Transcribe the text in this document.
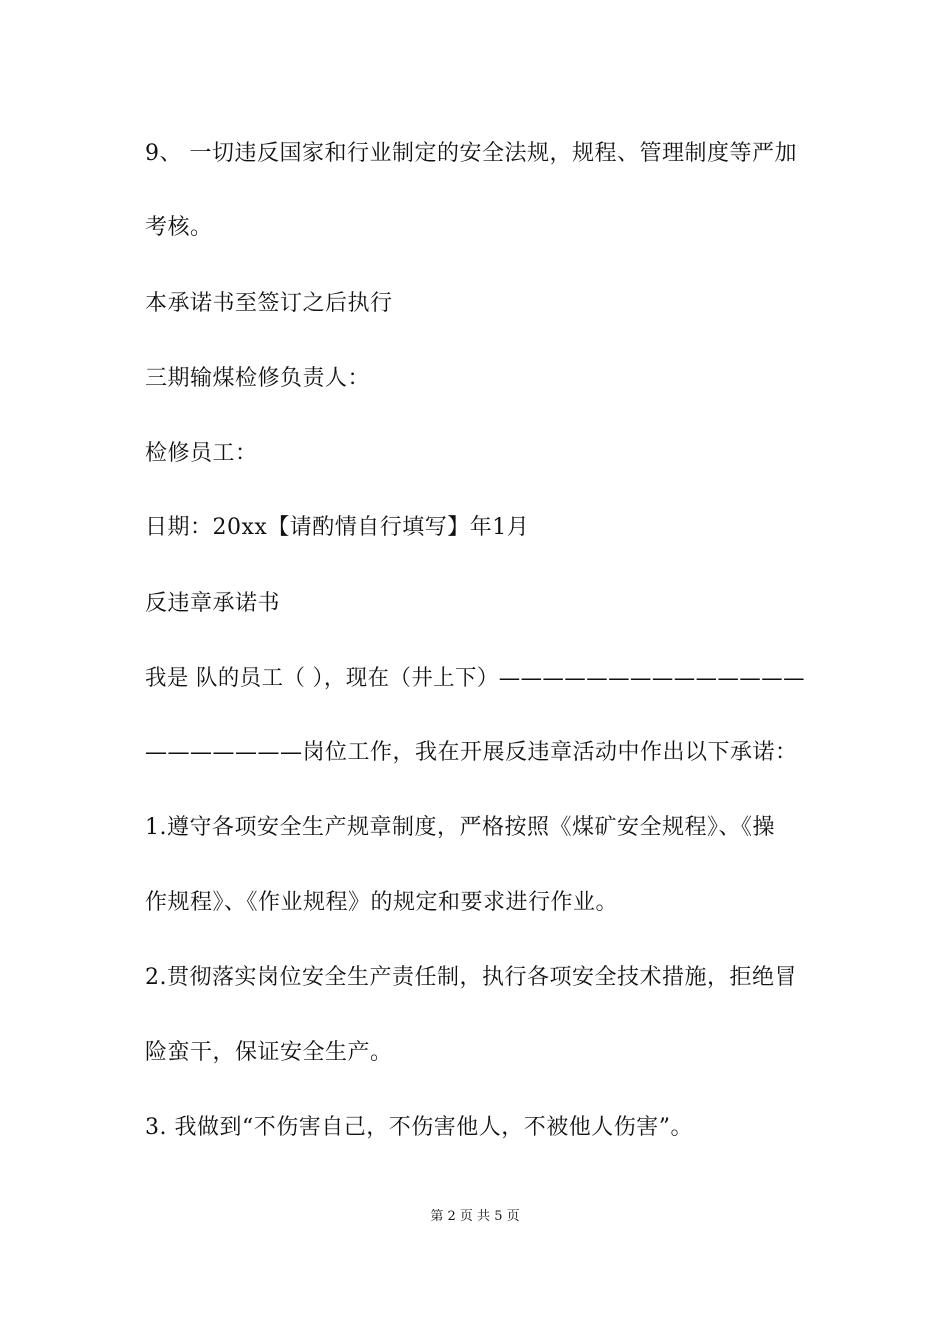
9、 一切违反国家和行业制定的安全法规，规程、管理制度等严加
考核。
本承诺书至签订之后执行
三期输煤检修负责人：
检修员工：
日期：20xx【请酌情自行填写】年1月
反违章承诺书
我是 队的员工（ ），现在（井上下）——————————————
———————岗位工作，我在开展反违章活动中作出以下承诺：
1.遵守各项安全生产规章制度，严格按照《煤矿安全规程》、《操
作规程》、《作业规程》的规定和要求进行作业。
2.贯彻落实岗位安全生产责任制，执行各项安全技术措施，拒绝冒
险蛮干，保证安全生产。
3. 我做到“不伤害自己，不伤害他人，不被他人伤害”。
第 2 页 共 5 页
